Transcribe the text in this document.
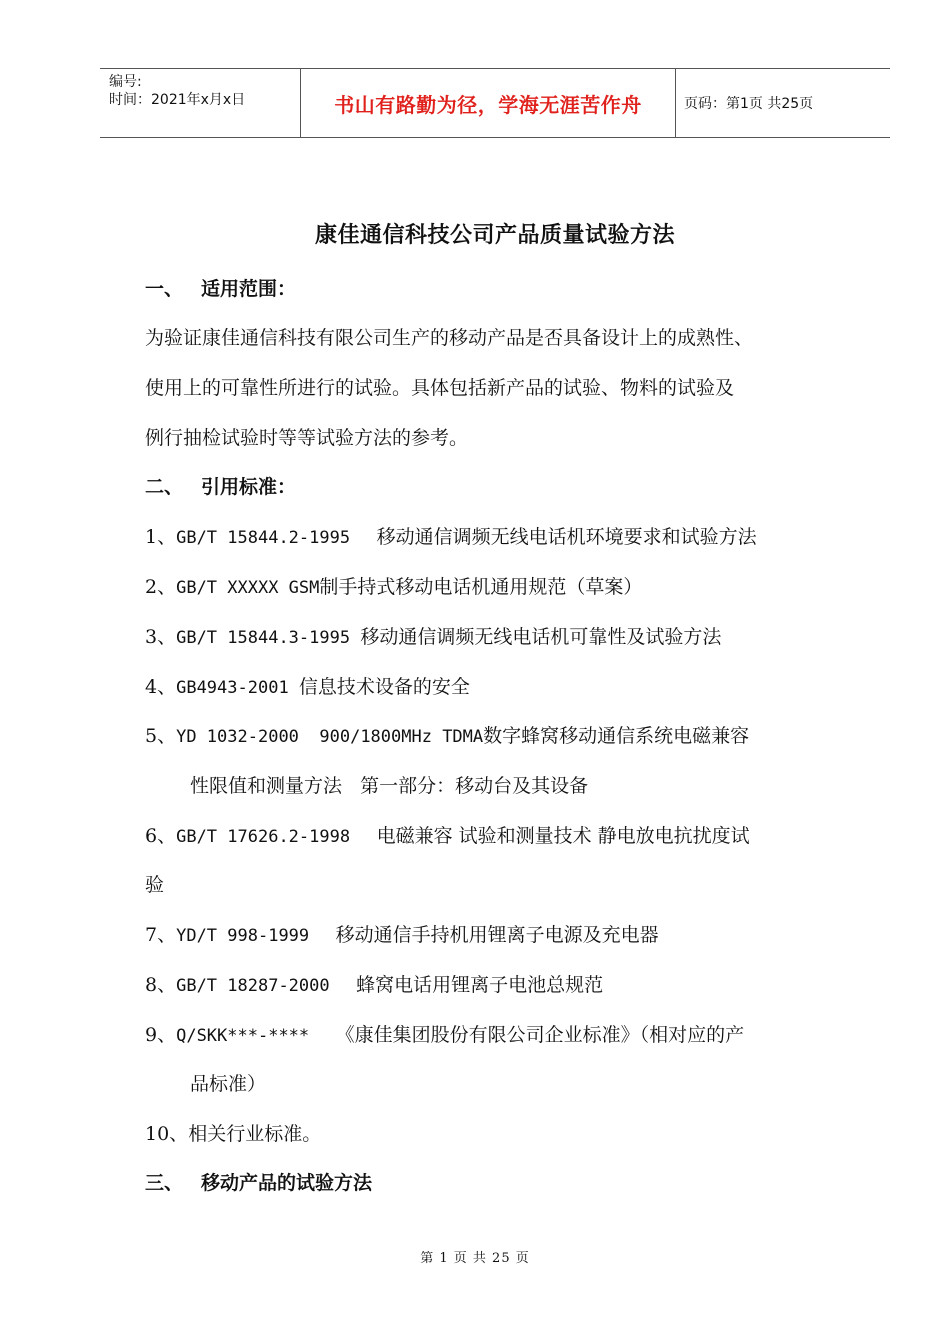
编号:
时间：2021年x月x日	书山有路勤为径，学海无涯苦作舟	页码：第1页 共25页
康佳通信科技公司产品质量试验方法
一、 适用范围：
为验证康佳通信科技有限公司生产的移动产品是否具备设计上的成熟性、
使用上的可靠性所进行的试验。具体包括新产品的试验、物料的试验及
例行抽检试验时等等试验方法的参考。
二、 引用标准：
1、GB/T 15844.2-1995   移动通信调频无线电话机环境要求和试验方法
2、GB/T XXXXX GSM制手持式移动电话机通用规范（草案）
3、GB/T 15844.3-1995 移动通信调频无线电话机可靠性及试验方法
4、GB4943-2001 信息技术设备的安全
5、YD 1032-2000  900/1800MHz TDMA数字蜂窝移动通信系统电磁兼容
性限值和测量方法   第一部分：移动台及其设备
6、GB/T 17626.2-1998   电磁兼容 试验和测量技术 静电放电抗扰度试
验
7、YD/T 998-1999   移动通信手持机用锂离子电源及充电器
8、GB/T 18287-2000   蜂窝电话用锂离子电池总规范
9、Q/SKK***-****   《康佳集团股份有限公司企业标准》（相对应的产
品标准）
10、相关行业标准。
三、 移动产品的试验方法
第 1 页 共 25 页
